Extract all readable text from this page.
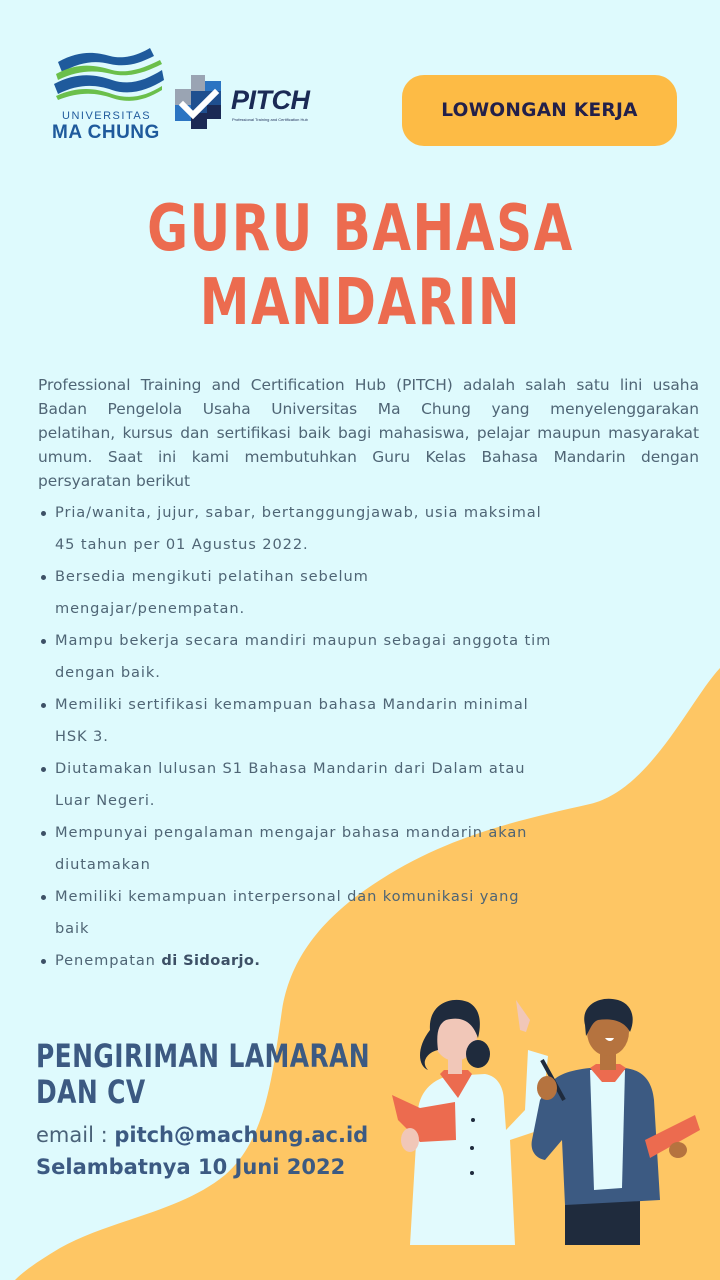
UNIVERSITAS
MA CHUNG
PITCH
Professional Training and Certification Hub	LOWONGAN KERJA
GURU BAHASA
MANDARIN
Professional Training and Certification Hub (PITCH) adalah salah satu lini usaha
Badan Pengelola Usaha Universitas Ma Chung yang menyelenggarakan
pelatihan, kursus dan sertifikasi baik bagi mahasiswa, pelajar maupun masyarakat
umum. Saat ini kami membutuhkan Guru Kelas Bahasa Mandarin dengan
persyaratan berikut
Pria/wanita, jujur, sabar, bertanggungjawab, usia maksimal
45 tahun per 01 Agustus 2022.
Bersedia mengikuti pelatihan sebelum
mengajar/penempatan.
Mampu bekerja secara mandiri maupun sebagai anggota tim
dengan baik.
Memiliki sertifikasi kemampuan bahasa Mandarin minimal
HSK 3.
Diutamakan lulusan S1 Bahasa Mandarin dari Dalam atau
Luar Negeri.
Mempunyai pengalaman mengajar bahasa mandarin akan
diutamakan
Memiliki kemampuan interpersonal dan komunikasi yang
baik
Penempatan di Sidoarjo.
PENGIRIMAN LAMARAN
DAN CV
email : pitch@machung.ac.id
Selambatnya 10 Juni 2022
